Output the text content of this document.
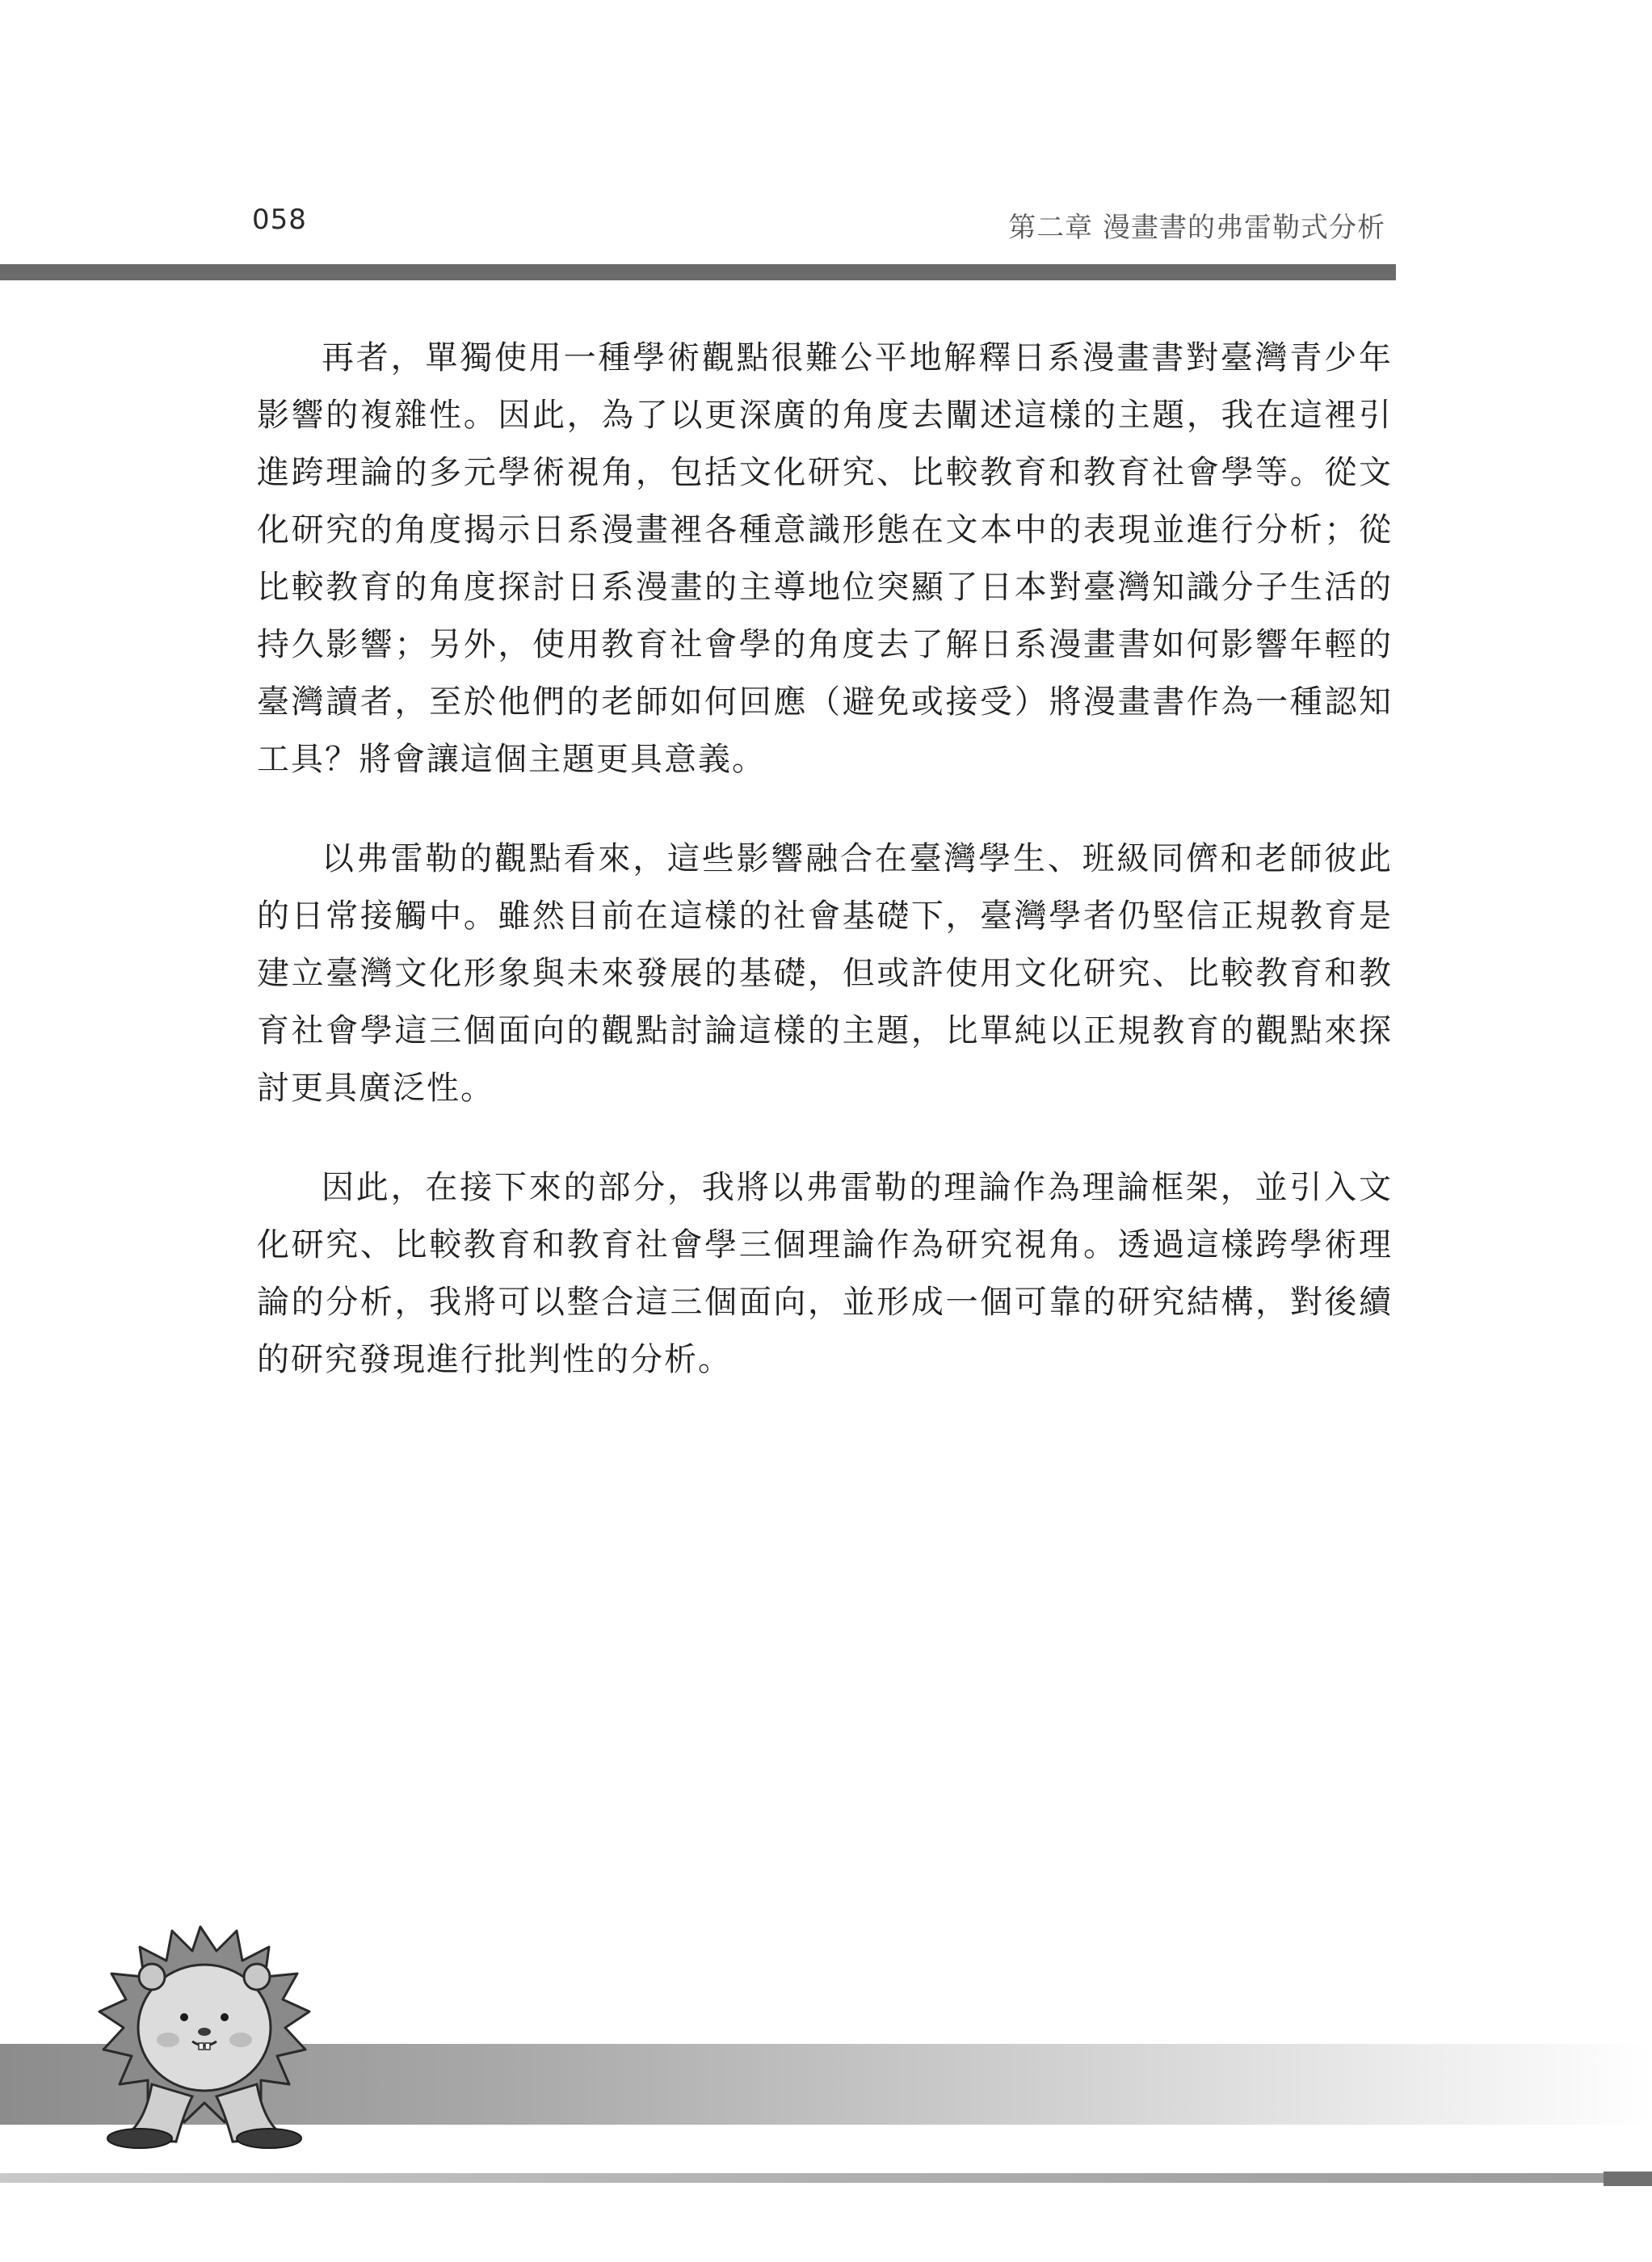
058	第二章 漫畫書的弗雷勒式分析

再者，單獨使用一種學術觀點很難公平地解釋日系漫畫書對臺灣青少年影響的複雜性。因此，為了以更深廣的角度去闡述這樣的主題，我在這裡引進跨理論的多元學術視角，包括文化研究、比較教育和教育社會學等。從文化研究的角度揭示日系漫畫裡各種意識形態在文本中的表現並進行分析；從比較教育的角度探討日系漫畫的主導地位突顯了日本對臺灣知識分子生活的持久影響；另外，使用教育社會學的角度去了解日系漫畫書如何影響年輕的臺灣讀者，至於他們的老師如何回應（避免或接受）將漫畫書作為一種認知工具？將會讓這個主題更具意義。

以弗雷勒的觀點看來，這些影響融合在臺灣學生、班級同儕和老師彼此的日常接觸中。雖然目前在這樣的社會基礎下，臺灣學者仍堅信正規教育是建立臺灣文化形象與未來發展的基礎，但或許使用文化研究、比較教育和教育社會學這三個面向的觀點討論這樣的主題，比單純以正規教育的觀點來探討更具廣泛性。

因此，在接下來的部分，我將以弗雷勒的理論作為理論框架，並引入文化研究、比較教育和教育社會學三個理論作為研究視角。透過這樣跨學術理論的分析，我將可以整合這三個面向，並形成一個可靠的研究結構，對後續的研究發現進行批判性的分析。
